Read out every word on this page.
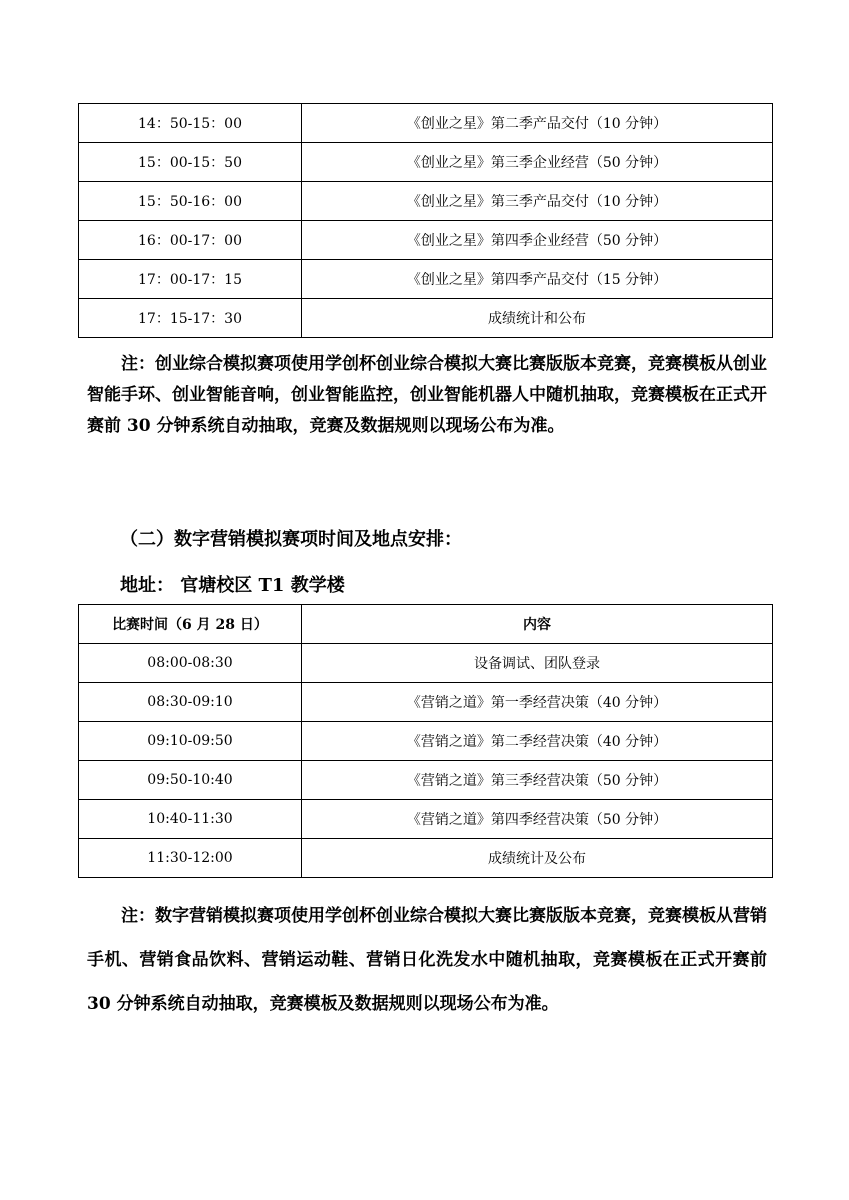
14：50-15：00	《创业之星》第二季产品交付（10 分钟）
15：00-15：50	《创业之星》第三季企业经营（50 分钟）
15：50-16：00	《创业之星》第三季产品交付（10 分钟）
16：00-17：00	《创业之星》第四季企业经营（50 分钟）
17：00-17：15	《创业之星》第四季产品交付（15 分钟）
17：15-17：30	成绩统计和公布

注：创业综合模拟赛项使用学创杯创业综合模拟大赛比赛版版本竞赛，竞赛模板从创业智能手环、创业智能音响，创业智能监控，创业智能机器人中随机抽取，竞赛模板在正式开赛前 30 分钟系统自动抽取，竞赛及数据规则以现场公布为准。

（二）数字营销模拟赛项时间及地点安排：

地址： 官塘校区 T1 教学楼

比赛时间（6 月 28 日）	内容
08:00-08:30	设备调试、团队登录
08:30-09:10	《营销之道》第一季经营决策（40 分钟）
09:10-09:50	《营销之道》第二季经营决策（40 分钟）
09:50-10:40	《营销之道》第三季经营决策（50 分钟）
10:40-11:30	《营销之道》第四季经营决策（50 分钟）
11:30-12:00	成绩统计及公布

注：数字营销模拟赛项使用学创杯创业综合模拟大赛比赛版版本竞赛，竞赛模板从营销手机、营销食品饮料、营销运动鞋、营销日化洗发水中随机抽取，竞赛模板在正式开赛前 30 分钟系统自动抽取，竞赛模板及数据规则以现场公布为准。
